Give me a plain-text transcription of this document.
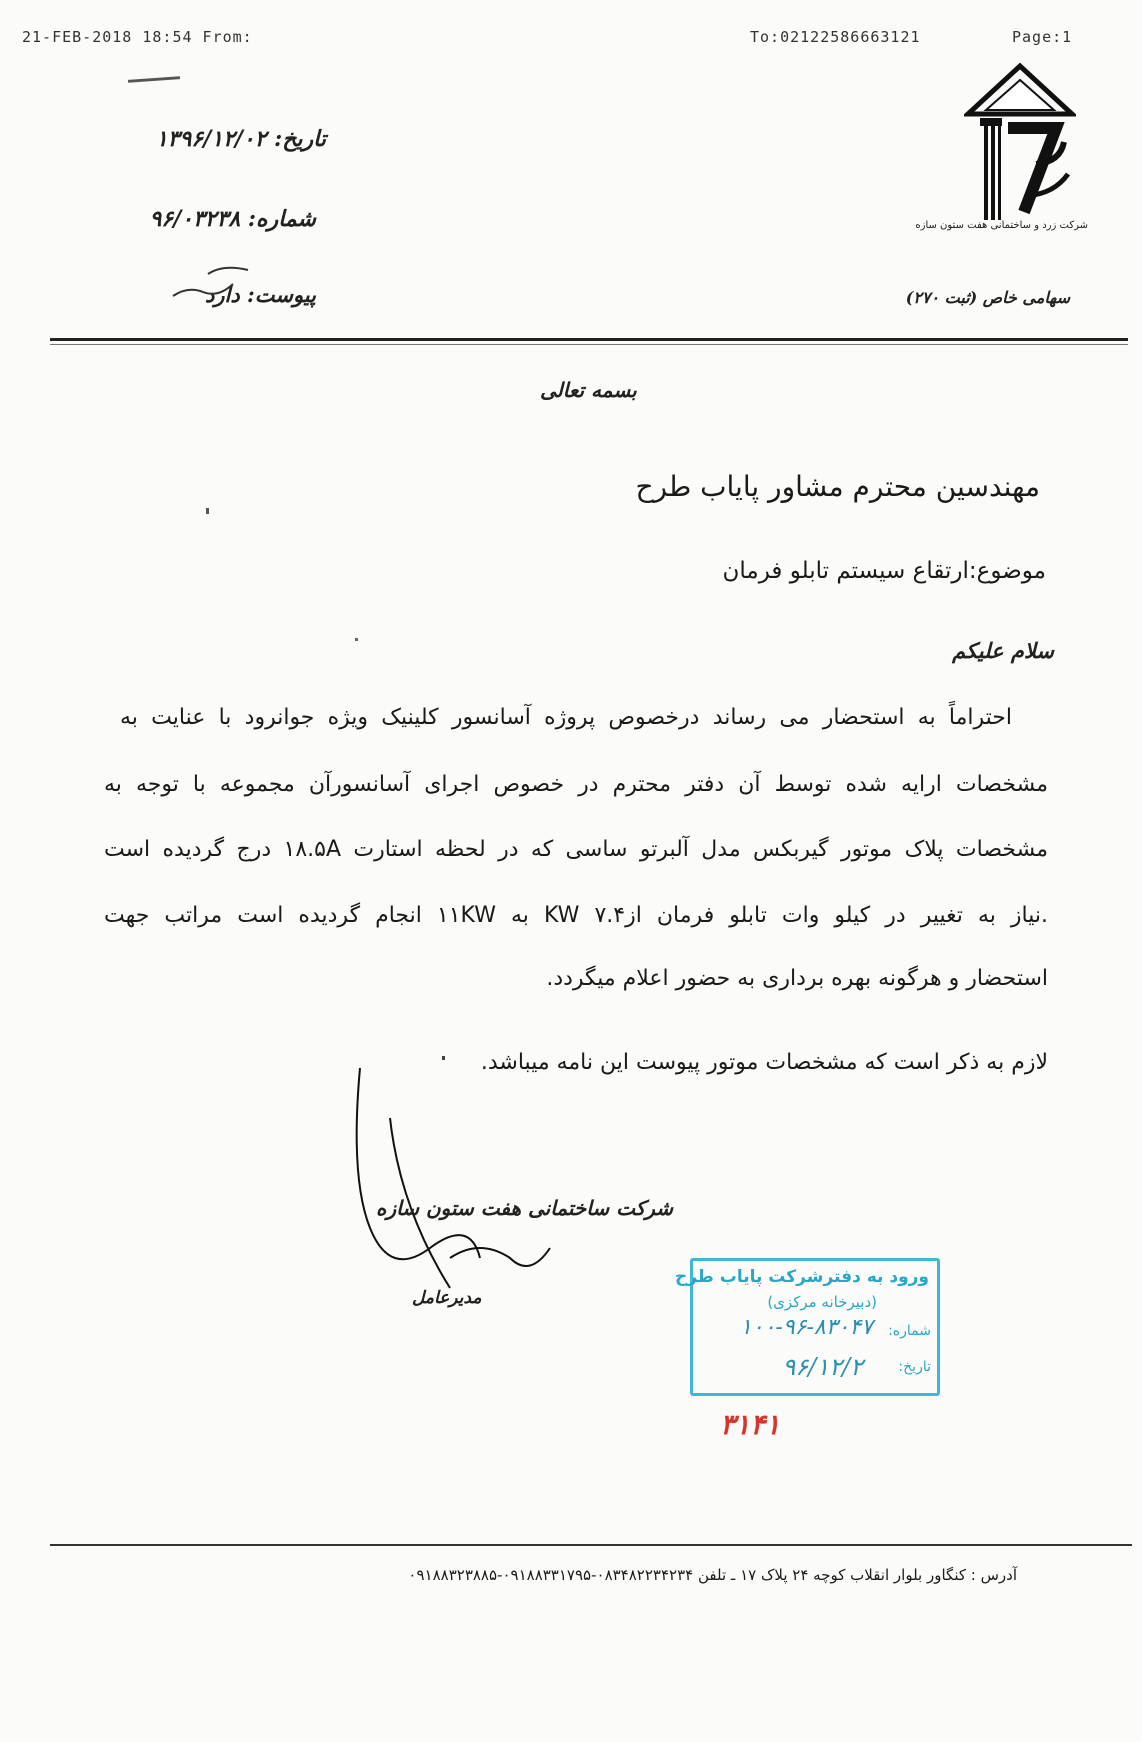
21-FEB-2018 18:54 From:	To:02122586663121	Page:1
تاریخ: ۱۳۹۶/۱۲/۰۲
شماره: ۹۶/۰۳۲۳۸
پیوست: دارد
شرکت زرد و ساختمانی هفت ستون سازه
سهامی خاص (ثبت ۲۷۰)
بسمه تعالی
مهندسین محترم مشاور پایاب طرح
موضوع:ارتقاع سیستم تابلو فرمان
سلام علیکم
احتراماً به استحضار می رساند درخصوص پروژه آسانسور کلینیک ویژه جوانرود با عنایت به
مشخصات ارایه شده توسط آن دفتر محترم در خصوص اجرای آسانسورآن مجموعه با توجه به
مشخصات پلاک موتور گیربکس مدل آلبرتو ساسی که در لحظه استارت ۱۸.۵A درج گردیده است
.نیاز به تغییر در کیلو وات تابلو فرمان از۷.۴ KW به ۱۱KW انجام گردیده است مراتب جهت
استحضار و هرگونه بهره برداری به حضور اعلام میگردد.
لازم به ذکر است که مشخصات موتور پیوست این نامه میباشد.
شرکت ساختمانی هفت ستون سازه
مدیرعامل
ورود به دفترشرکت پایاب طرح
(دبیرخانه مرکزی)
شماره:
۱۰۰-۹۶-۸۳۰۴۷
تاریخ:
۹۶/۱۲/۲
۳۱۴۱
آدرس : کنگاور بلوار انقلاب کوچه ۲۴ پلاک ۱۷ ـ تلفن ۰۸۳۴۸۲۲۳۴۲۳۴-۰۹۱۸۸۳۳۱۷۹۵-۰۹۱۸۸۳۲۳۸۸۵
